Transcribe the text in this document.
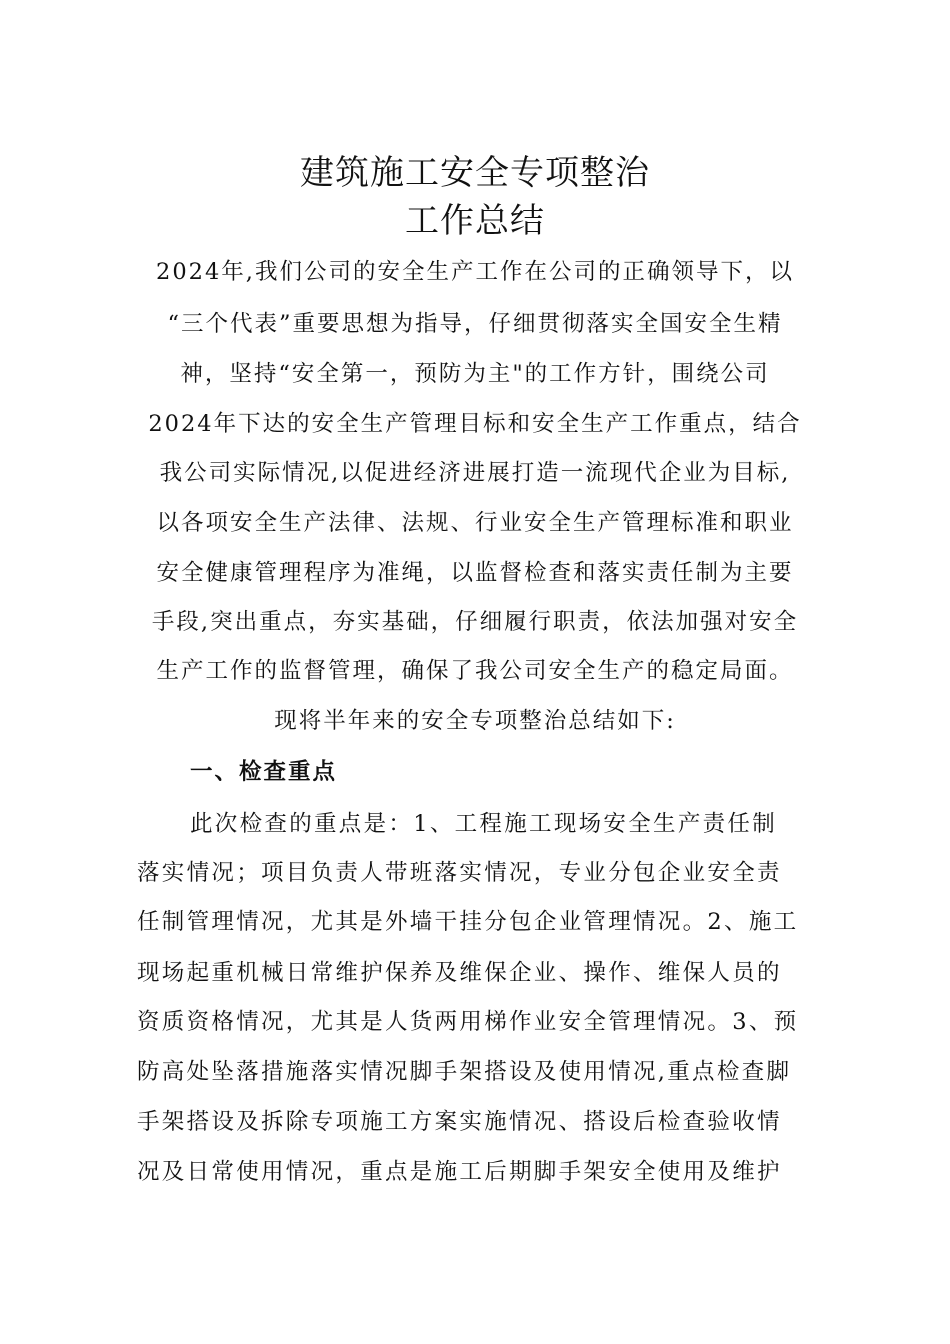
建筑施工安全专项整治
工作总结
2024年,我们公司的安全生产工作在公司的正确领导下，以
“三个代表”重要思想为指导，仔细贯彻落实全国安全生精
神，坚持“安全第一，预防为主"的工作方针，围绕公司
2024年下达的安全生产管理目标和安全生产工作重点，结合
我公司实际情况,以促进经济进展打造一流现代企业为目标,
以各项安全生产法律、法规、行业安全生产管理标准和职业
安全健康管理程序为准绳，以监督检查和落实责任制为主要
手段,突出重点，夯实基础，仔细履行职责，依法加强对安全
生产工作的监督管理，确保了我公司安全生产的稳定局面。
现将半年来的安全专项整治总结如下:
一、检查重点
此次检查的重点是：1、工程施工现场安全生产责任制
落实情况；项目负责人带班落实情况，专业分包企业安全责
任制管理情况，尤其是外墙干挂分包企业管理情况。2、施工
现场起重机械日常维护保养及维保企业、操作、维保人员的
资质资格情况，尤其是人货两用梯作业安全管理情况。3、预
防高处坠落措施落实情况脚手架搭设及使用情况,重点检查脚
手架搭设及拆除专项施工方案实施情况、搭设后检查验收情
况及日常使用情况，重点是施工后期脚手架安全使用及维护
